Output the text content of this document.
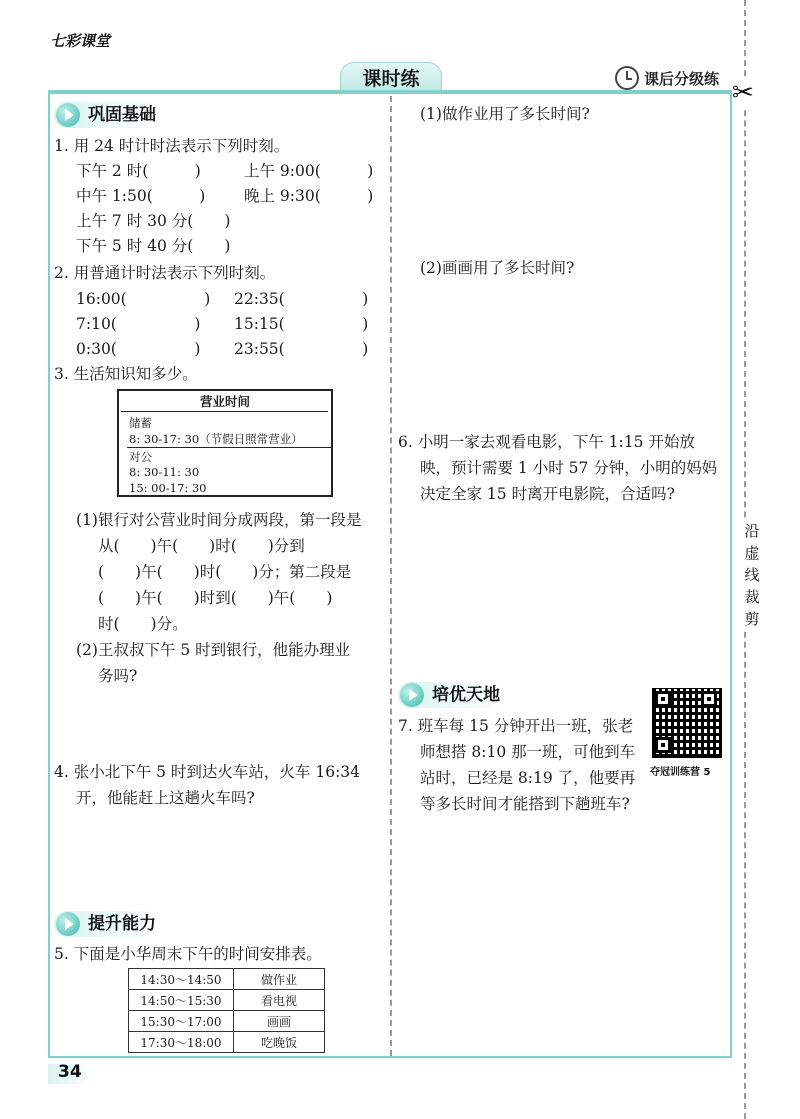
七彩课堂
课时练	课后分级练 ✂
沿虚线裁剪
巩固基础
1. 用 24 时计时法表示下列时刻。
下午 2 时(　　　)	上午 9:00(　　　)
中午 1:50(　　　) 晚上 9:30(　　　)
上午 7 时 30 分(　　)
下午 5 时 40 分(　　)
2. 用普通计时法表示下列时刻。
16:00(　　　　　) 22:35(　　　　　)
7:10(　　　　　) 15:15(　　　　　)
0:30(　　　　　) 23:55(　　　　　)
3. 生活知识知多少。
营业时间
储蓄
8: 30-17: 30（节假日照常营业）
对公
8: 30-11: 30
15: 00-17: 30
(1)银行对公营业时间分成两段，第一段是
从(　　)午(　　)时(　　)分到
(　　)午(　　)时(　　)分；第二段是
(　　)午(　　)时到(　　)午(　　)
时(　　)分。
(2)王叔叔下午 5 时到银行，他能办理业
务吗?
4. 张小北下午 5 时到达火车站，火车 16:34
开，他能赶上这趟火车吗?
提升能力
5. 下面是小华周末下午的时间安排表。
14:30～14:50	做作业
14:50～15:30	看电视
15:30～17:00	画画
17:30～18:00	吃晚饭
(1)做作业用了多长时间?
(2)画画用了多长时间?
6. 小明一家去观看电影，下午 1:15 开始放
映，预计需要 1 小时 57 分钟，小明的妈妈
决定全家 15 时离开电影院，合适吗?
培优天地
7. 班车每 15 分钟开出一班，张老
师想搭 8:10 那一班，可他到车
站时，已经是 8:19 了，他要再
等多长时间才能搭到下趟班车?
夺冠训练营 5
34
